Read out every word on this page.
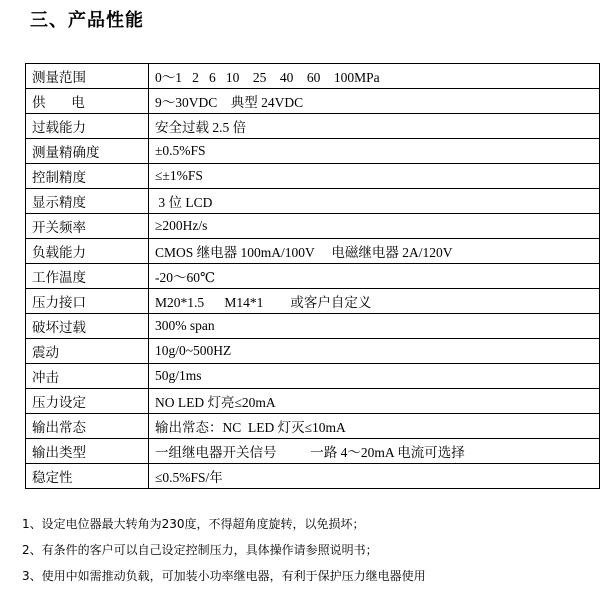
三、产品性能
测量范围	0～1   2   6   10    25    40    60    100MPa
供      电	9～30VDC    典型 24VDC
过载能力	安全过载 2.5 倍
测量精确度	±0.5%FS
控制精度	≤±1%FS
显示精度	3 位 LCD
开关频率	≥200Hz/s
负载能力	CMOS 继电器 100mA/100V     电磁继电器 2A/120V
工作温度	-20～60℃
压力接口	M20*1.5      M14*1        或客户自定义
破坏过载	300% span
震动	10g/0~500HZ
冲击	50g/1ms
压力设定	NO LED 灯亮≤20mA
输出常态	输出常态：NC  LED 灯灭≤10mA
输出类型	一组继电器开关信号          一路 4～20mA 电流可选择
稳定性	≤0.5%FS/年
1、设定电位器最大转角为230度，不得超角度旋转，以免损坏；
2、有条件的客户可以自己设定控制压力，具体操作请参照说明书；
3、使用中如需推动负载，可加装小功率继电器，有利于保护压力继电器使用
